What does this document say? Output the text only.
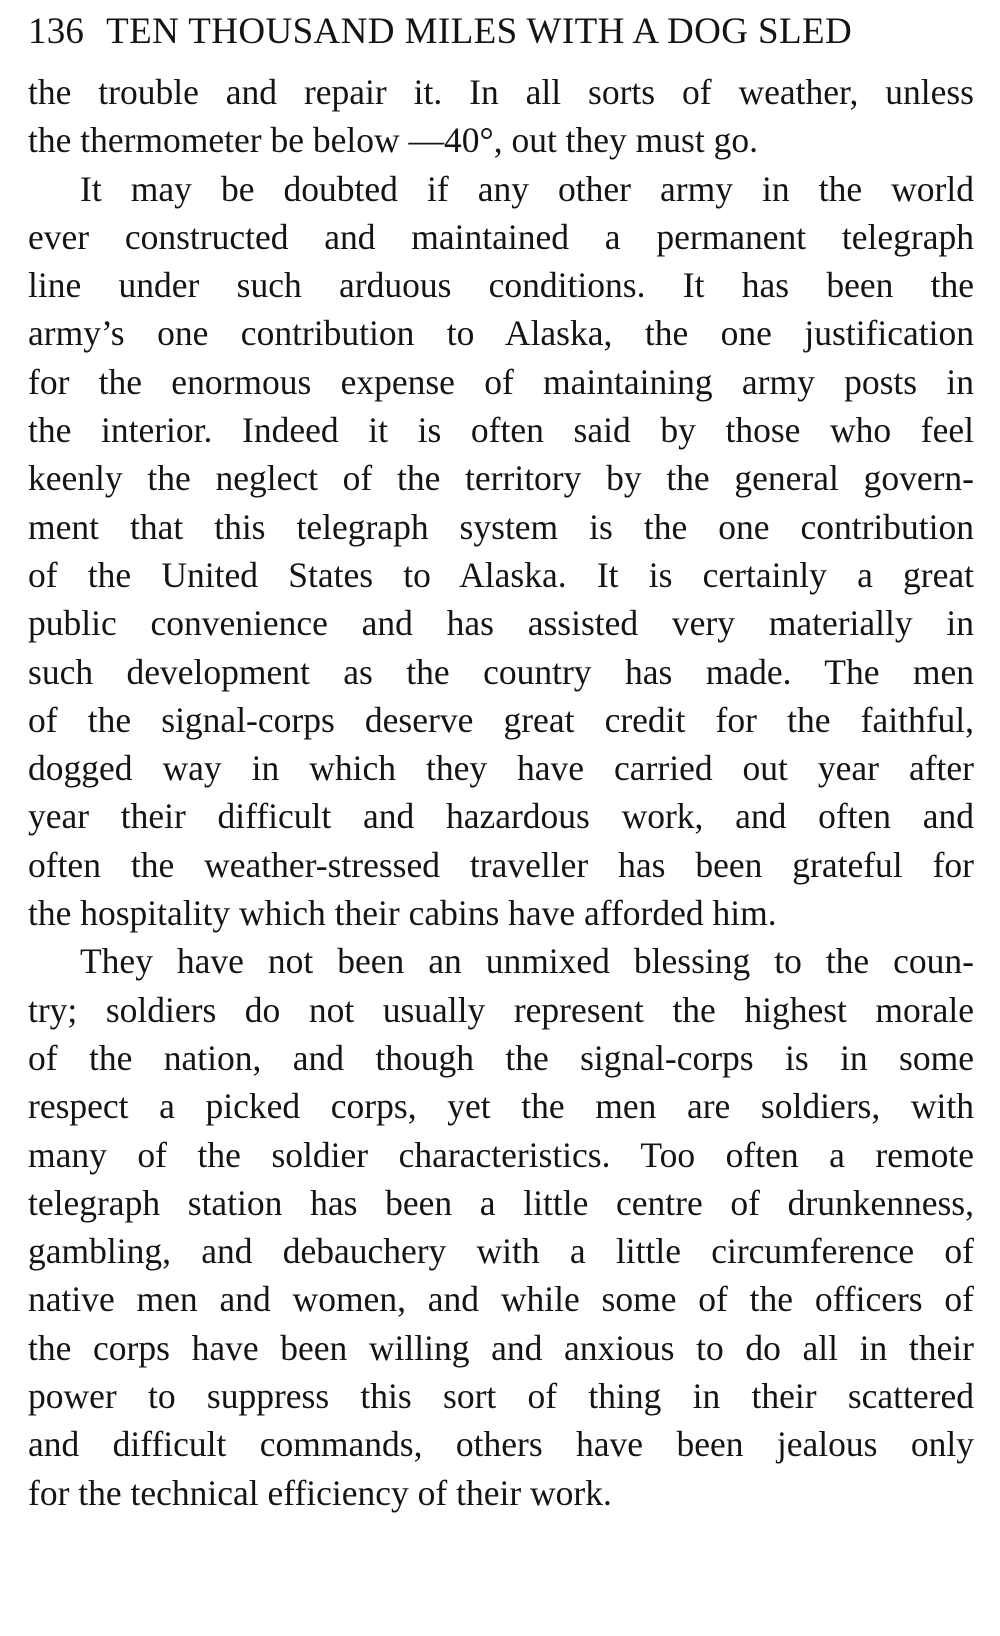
136 TEN THOUSAND MILES WITH A DOG SLED

the trouble and repair it. In all sorts of weather, unless
the thermometer be below —40°, out they must go.

It may be doubted if any other army in the world
ever constructed and maintained a permanent telegraph
line under such arduous conditions. It has been the
army’s one contribution to Alaska, the one justification
for the enormous expense of maintaining army posts in
the interior. Indeed it is often said by those who feel
keenly the neglect of the territory by the general govern-
ment that this telegraph system is the one contribution
of the United States to Alaska. It is certainly a great
public convenience and has assisted very materially in
such development as the country has made. The men
of the signal-corps deserve great credit for the faithful,
dogged way in which they have carried out year after
year their difficult and hazardous work, and often and
often the weather-stressed traveller has been grateful for
the hospitality which their cabins have afforded him.

They have not been an unmixed blessing to the coun-
try; soldiers do not usually represent the highest morale
of the nation, and though the signal-corps is in some
respect a picked corps, yet the men are soldiers, with
many of the soldier characteristics. Too often a remote
telegraph station has been a little centre of drunkenness,
gambling, and debauchery with a little circumference of
native men and women, and while some of the officers of
the corps have been willing and anxious to do all in their
power to suppress this sort of thing in their scattered
and difficult commands, others have been jealous only
for the technical efficiency of their work.
